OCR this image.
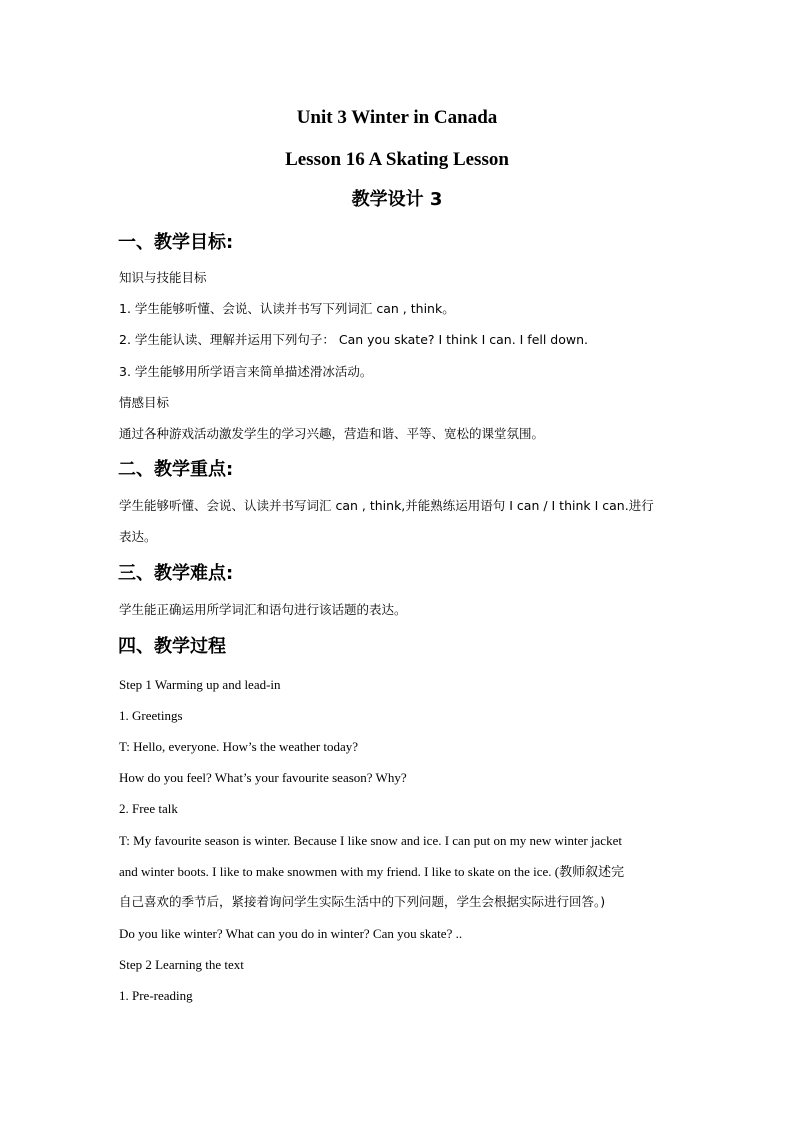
Unit 3 Winter in Canada
Lesson 16 A Skating Lesson
教学设计 3
一、教学目标:
知识与技能目标
1. 学生能够听懂、会说、认读并书写下列词汇 can , think。
2. 学生能认读、理解并运用下列句子： Can you skate? I think I can. I fell down.
3. 学生能够用所学语言来简单描述滑冰活动。
情感目标
通过各种游戏活动激发学生的学习兴趣，营造和谐、平等、宽松的课堂氛围。
二、教学重点:
学生能够听懂、会说、认读并书写词汇 can , think,并能熟练运用语句 I can / I think I can.进行
表达。
三、教学难点:
学生能正确运用所学词汇和语句进行该话题的表达。
四、教学过程
Step 1 Warming up and lead-in
1. Greetings
T: Hello, everyone. How’s the weather today?
How do you feel? What’s your favourite season? Why?
2. Free talk
T: My favourite season is winter. Because I like snow and ice. I can put on my new winter jacket
and winter boots. I like to make snowmen with my friend. I like to skate on the ice. (教师叙述完
自己喜欢的季节后，紧接着询问学生实际生活中的下列问题，学生会根据实际进行回答。)
Do you like winter? What can you do in winter? Can you skate? ..
Step 2 Learning the text
1. Pre-reading
